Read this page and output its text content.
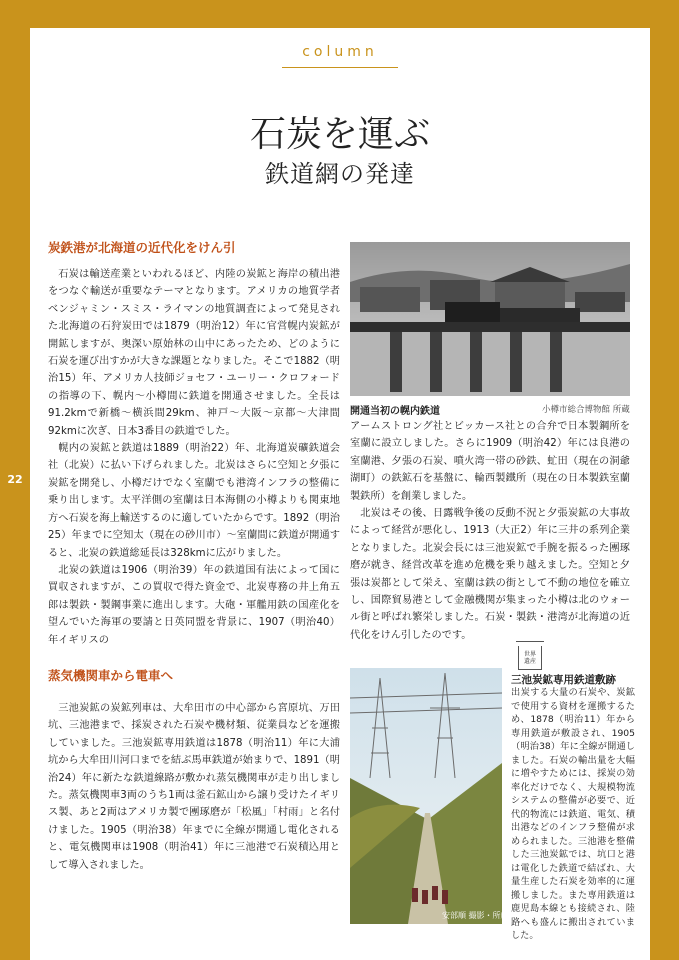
22
column
石炭を運ぶ
鉄道網の発達
炭鉄港が北海道の近代化をけん引

石炭は輸送産業といわれるほど、内陸の炭鉱と海岸の積出港をつなぐ輸送が重要なテーマとなります。アメリカの地質学者ベンジャミン・スミス・ライマンの地質調査によって発見された北海道の石狩炭田では1879（明治12）年に官営幌内炭鉱が開鉱しますが、奥深い原始林の山中にあったため、どのように石炭を運び出すかが大きな課題となりました。そこで1882（明治15）年、アメリカ人技師ジョセフ・ユーリー・クロフォードの指導の下、幌内〜小樽間に鉄道を開通させました。全長は91.2kmで新橋〜横浜間29km、神戸〜大阪〜京都〜大津間92kmに次ぎ、日本3番目の鉄道でした。

幌内の炭鉱と鉄道は1889（明治22）年、北海道炭礦鉄道会社（北炭）に払い下げられました。北炭はさらに空知と夕張に炭鉱を開発し、小樽だけでなく室蘭でも港湾インフラの整備に乗り出します。太平洋側の室蘭は日本海側の小樽よりも関東地方へ石炭を海上輸送するのに適していたからです。1892（明治25）年までに空知太（現在の砂川市）〜室蘭間に鉄道が開通すると、北炭の鉄道総延長は328kmに広がりました。

北炭の鉄道は1906（明治39）年の鉄道国有法によって国に買収されますが、この買収で得た資金で、北炭専務の井上角五郎は製鉄・製鋼事業に進出します。大砲・軍艦用鉄の国産化を望んでいた海軍の要請と日英同盟を背景に、1907（明治40）年イギリスの

開通当初の幌内鉄道	小樽市総合博物館 所蔵

アームストロング社とビッカース社との合弁で日本製鋼所を室蘭に設立しました。さらに1909（明治42）年には良港の室蘭港、夕張の石炭、噴火湾一帯の砂鉄、虻田（現在の洞爺湖町）の鉄鉱石を基盤に、輪西製鐵所（現在の日本製鉄室蘭製鉄所）を創業しました。

北炭はその後、日露戦争後の反動不況と夕張炭鉱の大事故によって経営が悪化し、1913（大正2）年に三井の系列企業となりました。北炭会長には三池炭鉱で手腕を振るった團琢磨が就き、経営改革を進め危機を乗り越えました。空知と夕張は炭都として栄え、室蘭は鉄の街として不動の地位を確立し、国際貿易港として金融機関が集まった小樽は北のウォール街と呼ばれ繁栄しました。石炭・製鉄・港湾が北海道の近代化をけん引したのです。

蒸気機関車から電車へ

三池炭鉱の炭鉱列車は、大牟田市の中心部から宮原坑、万田坑、三池港まで、採炭された石炭や機材類、従業員などを運搬していました。三池炭鉱専用鉄道は1878（明治11）年に大浦坑から大牟田川河口までを結ぶ馬車鉄道が始まりで、1891（明治24）年に新たな鉄道線路が敷かれ蒸気機関車が走り出しました。蒸気機関車3両のうち1両は釜石鉱山から譲り受けたイギリス製、あと2両はアメリカ製で團琢磨が「松風」「村雨」と名付けました。1905（明治38）年までに全線が開通し電化されると、電気機関車は1908（明治41）年に三池港で石炭積込用として導入されました。

安部順 撮影・所蔵
世界
遺産
三池炭鉱専用鉄道敷跡
出炭する大量の石炭や、炭鉱で使用する資材を運搬するため、1878（明治11）年から専用鉄道が敷設され、1905（明治38）年に全線が開通しました。石炭の輸出量を大幅に増やすためには、採炭の効率化だけでなく、大規模物流システムの整備が必要で、近代的物流には鉄道、電気、積出港などのインフラ整備が求められました。三池港を整備した三池炭鉱では、坑口と港は電化した鉄道で結ばれ、大量生産した石炭を効率的に運搬しました。また専用鉄道は鹿児島本線とも接続され、陸路へも盛んに搬出されていました。
